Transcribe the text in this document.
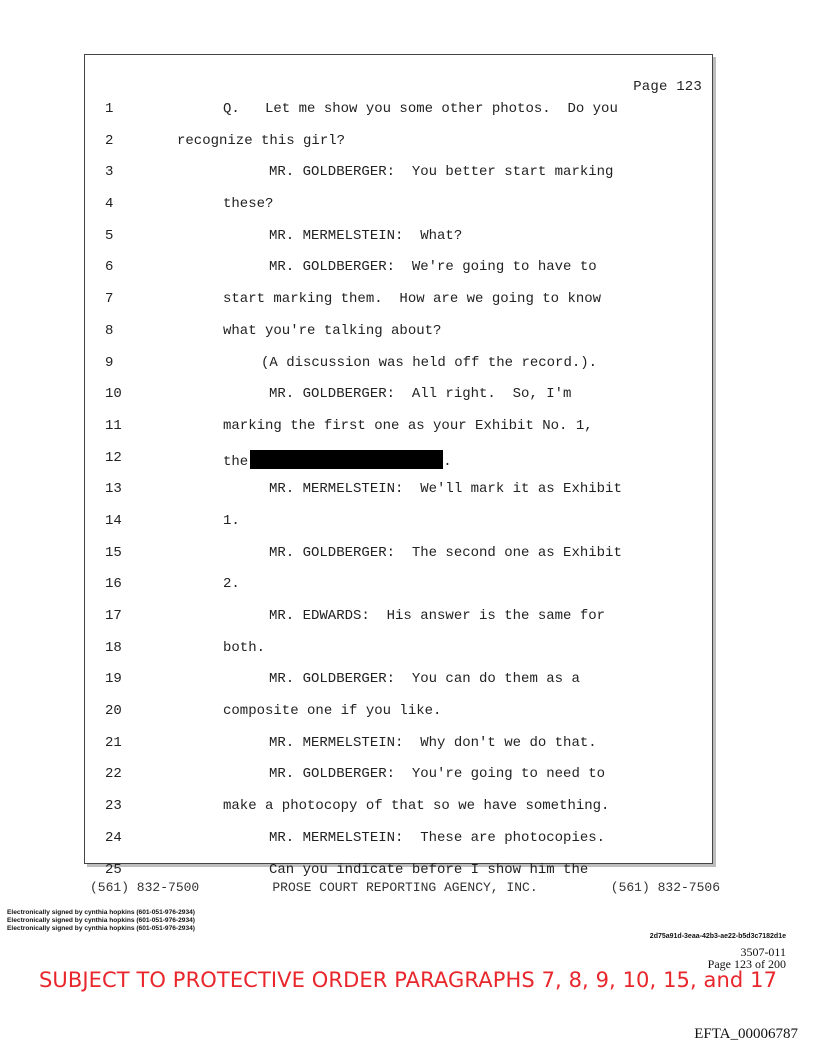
Page 123
1	Q.   Let me show you some other photos.  Do you
2	recognize this girl?
3	MR. GOLDBERGER:  You better start marking
4	these?
5	MR. MERMELSTEIN:  What?
6	MR. GOLDBERGER:  We're going to have to
7	start marking them.  How are we going to know
8	what you're talking about?
9	(A discussion was held off the record.).
10	MR. GOLDBERGER:  All right.  So, I'm
11	marking the first one as your Exhibit No. 1,
12	the	.
13	MR. MERMELSTEIN:  We'll mark it as Exhibit
14	1.
15	MR. GOLDBERGER:  The second one as Exhibit
16	2.
17	MR. EDWARDS:  His answer is the same for
18	both.
19	MR. GOLDBERGER:  You can do them as a
20	composite one if you like.
21	MR. MERMELSTEIN:  Why don't we do that.
22	MR. GOLDBERGER:  You're going to need to
23	make a photocopy of that so we have something.
24	MR. MERMELSTEIN:  These are photocopies.
25	Can you indicate before I show him the
(561) 832-7500	PROSE COURT REPORTING AGENCY, INC.	(561) 832-7506
Electronically signed by cynthia hopkins (601-051-976-2934)
Electronically signed by cynthia hopkins (601-051-976-2934)
Electronically signed by cynthia hopkins (601-051-976-2934)
2d75a91d-3eaa-42b3-ae22-b5d3c7182d1e
3507-011
Page 123 of 200
SUBJECT TO PROTECTIVE ORDER PARAGRAPHS 7, 8, 9, 10, 15, and 17
EFTA_00006787
